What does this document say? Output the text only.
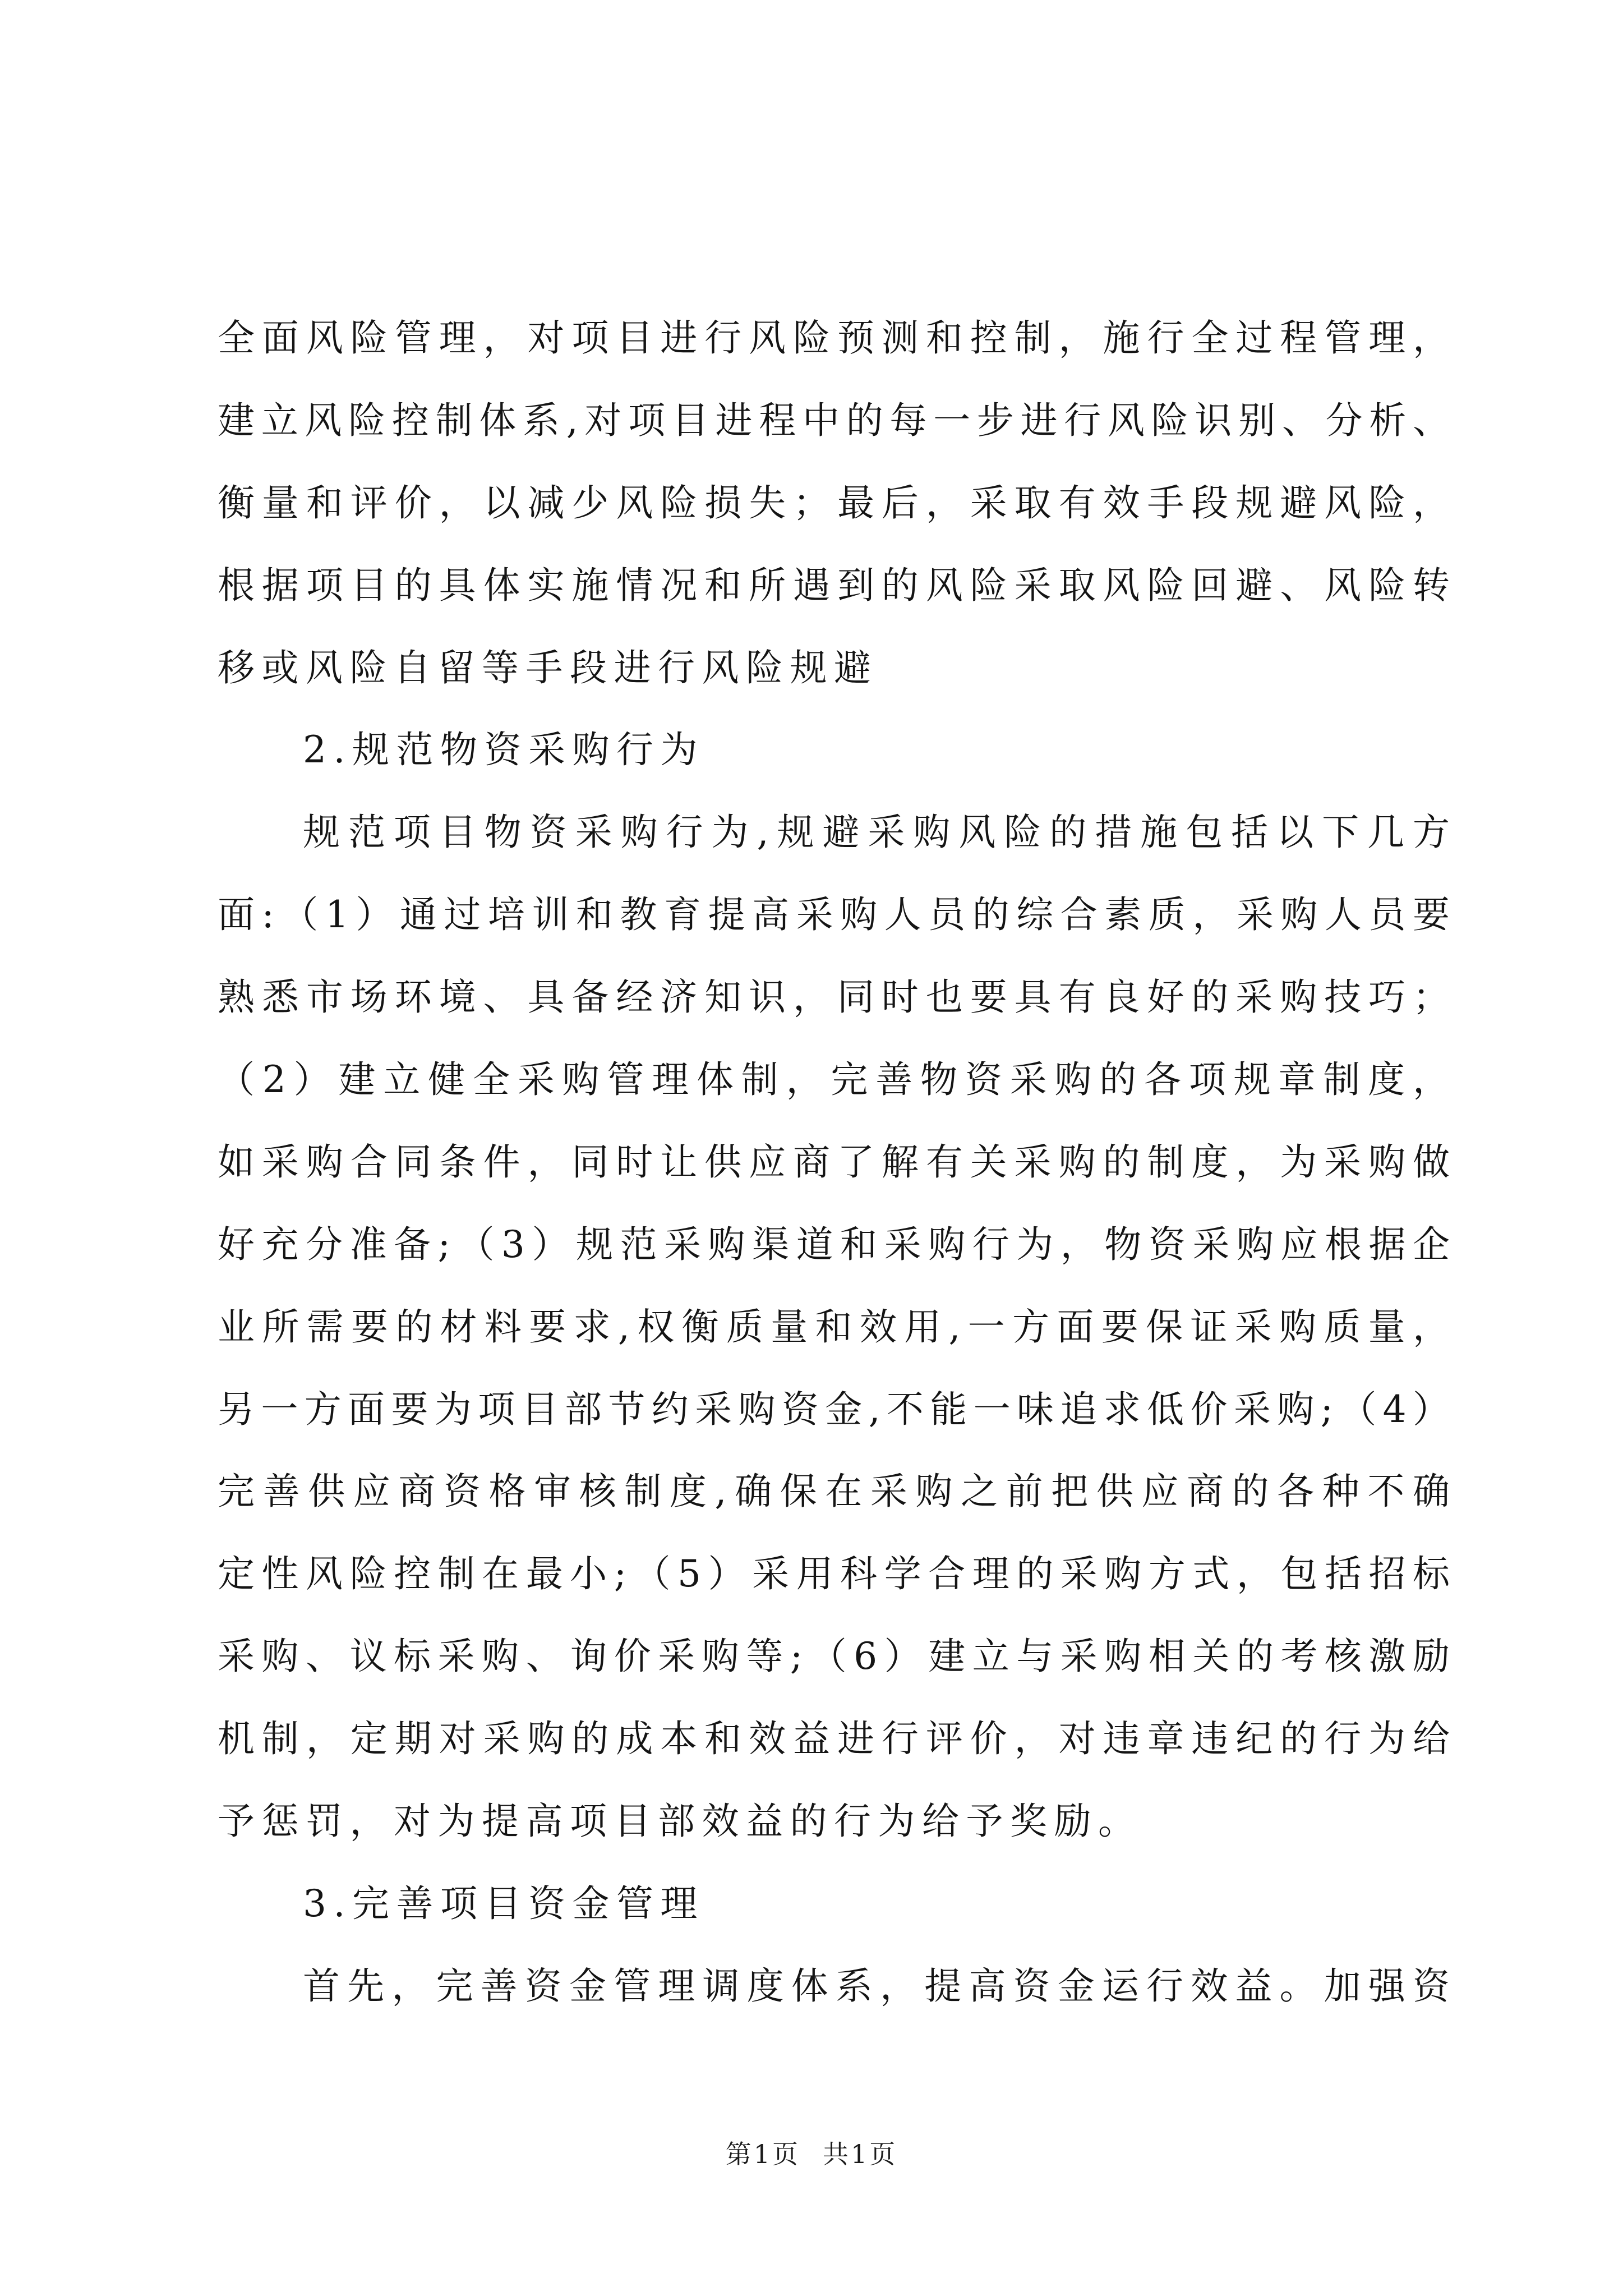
全面风险管理，对项目进行风险预测和控制，施行全过程管理，
建立风险控制体系,对项目进程中的每一步进行风险识别、分析、
衡量和评价，以减少风险损失；最后，采取有效手段规避风险，
根据项目的具体实施情况和所遇到的风险采取风险回避、风险转
移或风险自留等手段进行风险规避
2.规范物资采购行为
规范项目物资采购行为,规避采购风险的措施包括以下几方
面:（1）通过培训和教育提高采购人员的综合素质，采购人员要
熟悉市场环境、具备经济知识，同时也要具有良好的采购技巧；
（2）建立健全采购管理体制，完善物资采购的各项规章制度，
如采购合同条件，同时让供应商了解有关采购的制度，为采购做
好充分准备;（3）规范采购渠道和采购行为，物资采购应根据企
业所需要的材料要求,权衡质量和效用,一方面要保证采购质量，
另一方面要为项目部节约采购资金,不能一味追求低价采购;（4）
完善供应商资格审核制度,确保在采购之前把供应商的各种不确
定性风险控制在最小;（5）采用科学合理的采购方式，包括招标
采购、议标采购、询价采购等;（6）建立与采购相关的考核激励
机制，定期对采购的成本和效益进行评价，对违章违纪的行为给
予惩罚，对为提高项目部效益的行为给予奖励。
3.完善项目资金管理
首先，完善资金管理调度体系，提高资金运行效益。加强资
第1页 共1页
